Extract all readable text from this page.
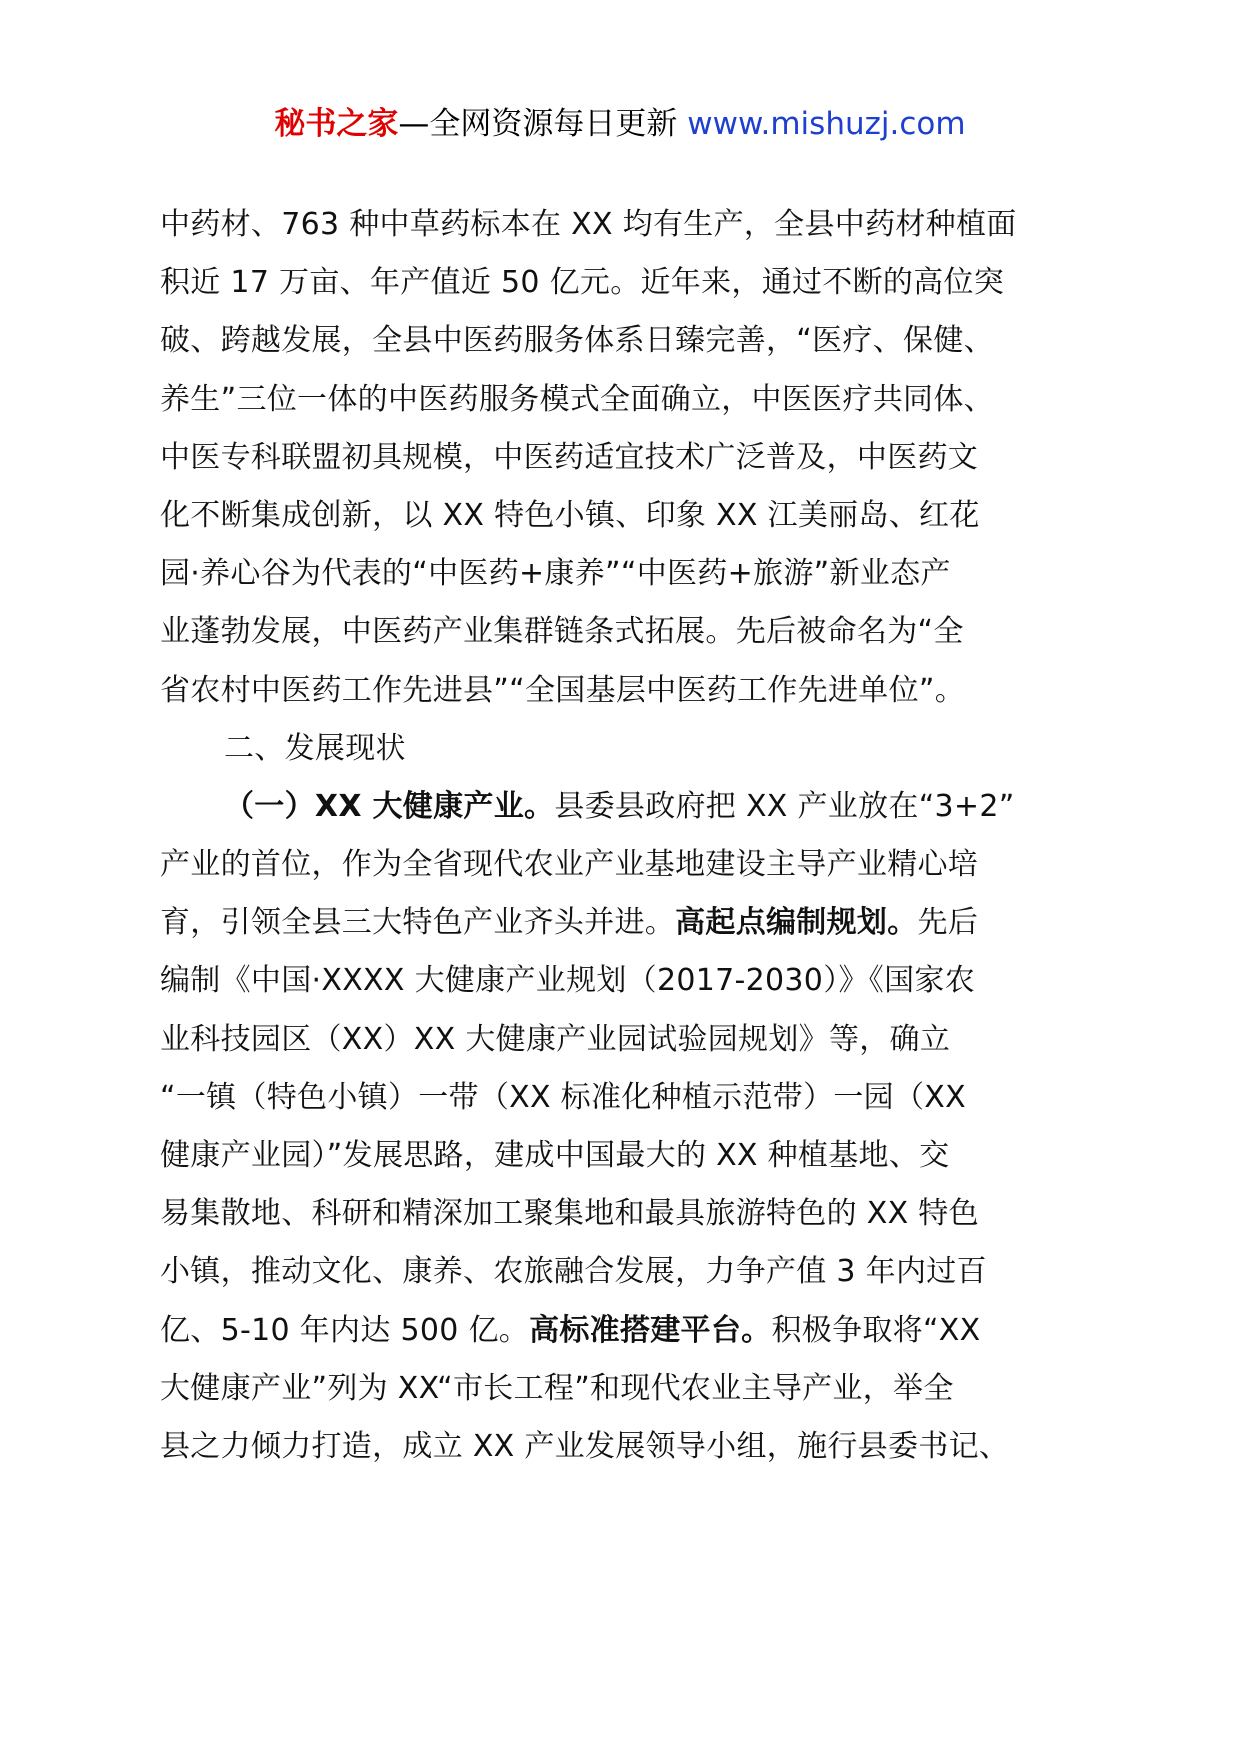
秘书之家—全网资源每日更新 www.mishuzj.com
中药材、763 种中草药标本在 XX 均有生产，全县中药材种植面
积近 17 万亩、年产值近 50 亿元。近年来，通过不断的高位突
破、跨越发展，全县中医药服务体系日臻完善，“医疗、保健、
养生”三位一体的中医药服务模式全面确立，中医医疗共同体、
中医专科联盟初具规模，中医药适宜技术广泛普及，中医药文
化不断集成创新，以 XX 特色小镇、印象 XX 江美丽岛、红花
园·养心谷为代表的“中医药+康养”“中医药+旅游”新业态产
业蓬勃发展，中医药产业集群链条式拓展。先后被命名为“全
省农村中医药工作先进县”“全国基层中医药工作先进单位”。
二、发展现状
（一）XX 大健康产业。县委县政府把 XX 产业放在“3+2”
产业的首位，作为全省现代农业产业基地建设主导产业精心培
育，引领全县三大特色产业齐头并进。高起点编制规划。先后
编制《中国·XXXX 大健康产业规划（2017-2030）》《国家农
业科技园区（XX）XX 大健康产业园试验园规划》等，确立
“一镇（特色小镇）一带（XX 标准化种植示范带）一园（XX
健康产业园）”发展思路，建成中国最大的 XX 种植基地、交
易集散地、科研和精深加工聚集地和最具旅游特色的 XX 特色
小镇，推动文化、康养、农旅融合发展，力争产值 3 年内过百
亿、5-10 年内达 500 亿。高标准搭建平台。积极争取将“XX
大健康产业”列为 XX“市长工程”和现代农业主导产业，举全
县之力倾力打造，成立 XX 产业发展领导小组，施行县委书记、
